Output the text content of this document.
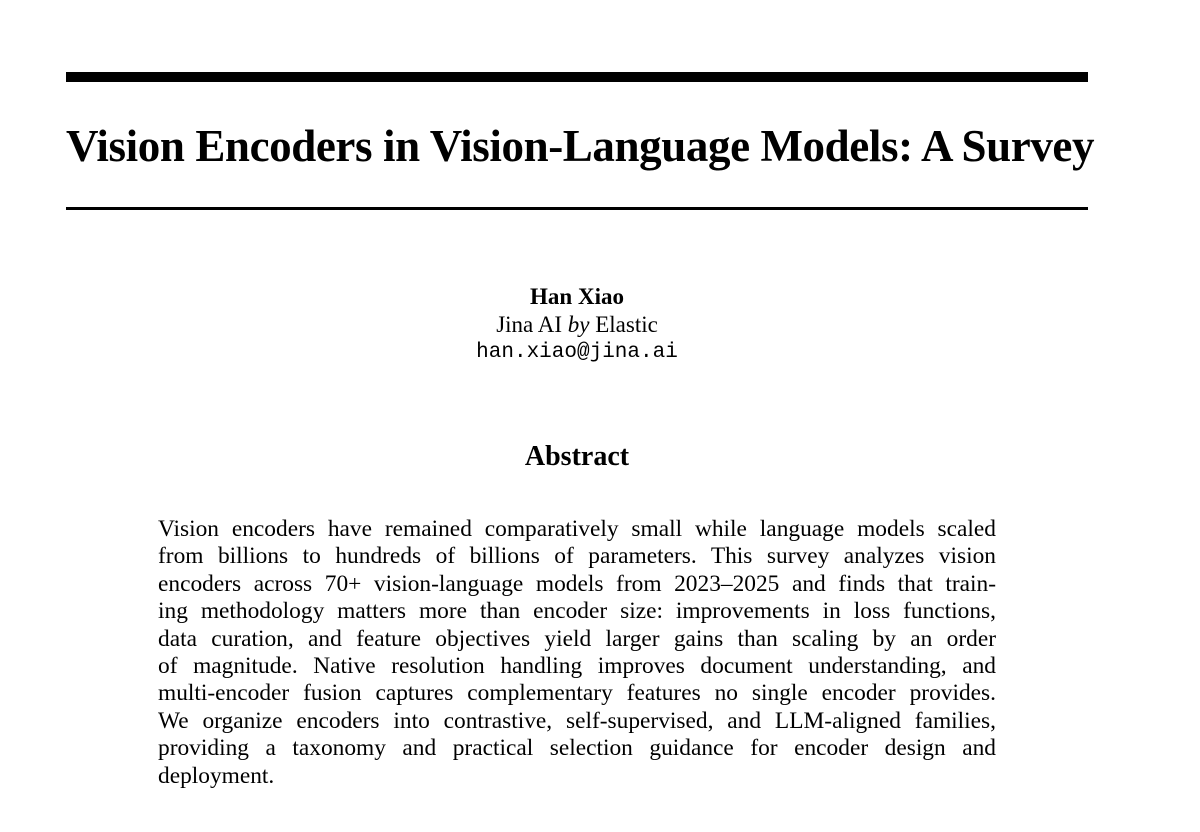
Vision Encoders in Vision-Language Models: A Survey
Han Xiao
Jina AI by Elastic
han.xiao@jina.ai
Abstract
Vision encoders have remained comparatively small while language models scaled
from billions to hundreds of billions of parameters. This survey analyzes vision
encoders across 70+ vision-language models from 2023–2025 and finds that train-
ing methodology matters more than encoder size: improvements in loss functions,
data curation, and feature objectives yield larger gains than scaling by an order
of magnitude. Native resolution handling improves document understanding, and
multi-encoder fusion captures complementary features no single encoder provides.
We organize encoders into contrastive, self-supervised, and LLM-aligned families,
providing a taxonomy and practical selection guidance for encoder design and
deployment.
